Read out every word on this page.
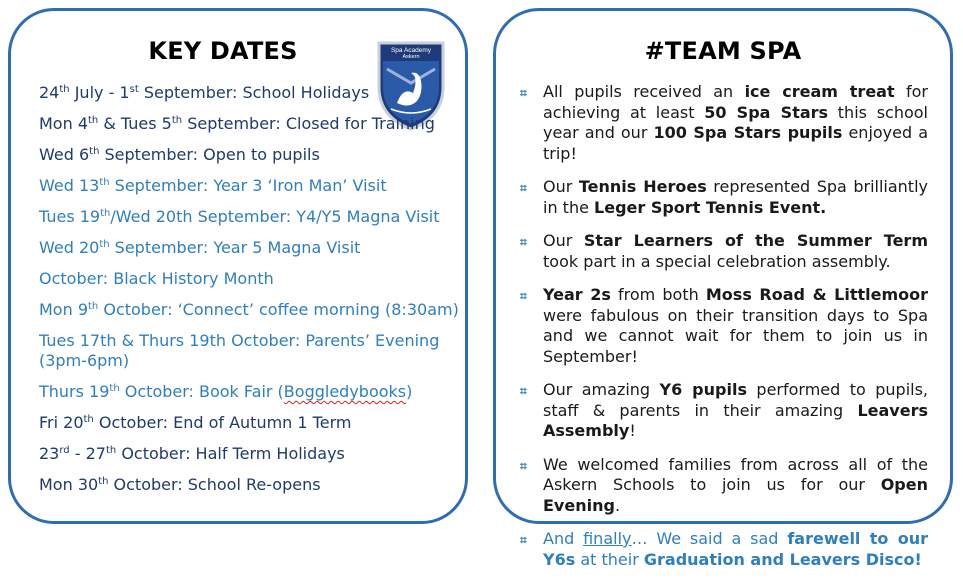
KEY DATES	Spa Academy
Askern
24th July - 1st September: School Holidays
Mon 4th & Tues 5th September: Closed for Training
Wed 6th September: Open to pupils
Wed 13th September: Year 3 ‘Iron Man’ Visit
Tues 19th/Wed 20th September: Y4/Y5 Magna Visit
Wed 20th September: Year 5 Magna Visit
October: Black History Month
Mon 9th October: ‘Connect’ coffee morning (8:30am)
Tues 17th & Thurs 19th October: Parents’ Evening (3pm-6pm)
Thurs 19th October: Book Fair (Boggledybooks)
Fri 20th October: End of Autumn 1 Term
23rd - 27th October: Half Term Holidays
Mon 30th October: School Re-opens
#TEAM SPA
⌗ All pupils received an ice cream treat for achieving at least 50 Spa Stars this school year and our 100 Spa Stars pupils enjoyed a trip!
⌗ Our Tennis Heroes represented Spa brilliantly in the Leger Sport Tennis Event.
⌗ Our Star Learners of the Summer Term took part in a special celebration assembly.
⌗ Year 2s from both Moss Road & Littlemoor were fabulous on their transition days to Spa and we cannot wait for them to join us in September!
⌗ Our amazing Y6 pupils performed to pupils, staff & parents in their amazing Leavers Assembly!
⌗ We welcomed families from across all of the Askern Schools to join us for our Open Evening.
⌗ And finally… We said a sad farewell to our Y6s at their Graduation and Leavers Disco!
